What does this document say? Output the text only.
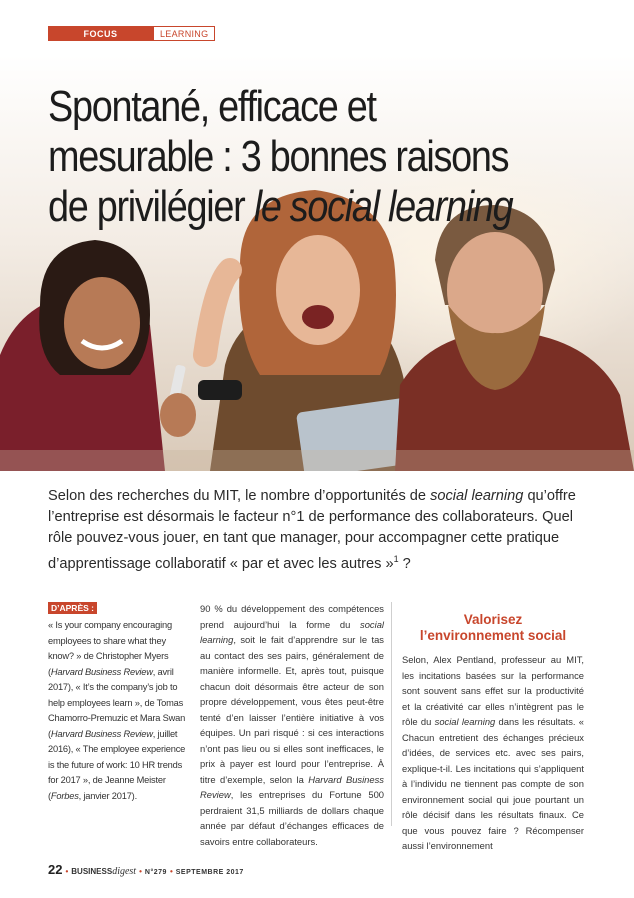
FOCUS	LEARNING
Spontané, efficace et
mesurable : 3 bonnes raisons
de privilégier le social learning
Selon des recherches du MIT, le nombre d’opportunités de social learning qu’offre l’entreprise est désormais le facteur n°1 de performance des collaborateurs. Quel rôle pouvez-vous jouer, en tant que manager, pour accompagner cette pratique d’apprentissage collaboratif « par et avec les autres »$^1$ ?
D’APRÈS :
« Is your company encouraging employees to share what they know? » de Christopher Myers (Harvard Business Review, avril 2017), « It’s the company’s job to help employees learn », de Tomas Chamorro-Premuzic et Mara Swan (Harvard Business Review, juillet 2016), « The employee experience is the future of work: 10 HR trends for 2017 », de Jeanne Meister (Forbes, janvier 2017).
90 % du développement des compétences prend aujourd’hui la forme du social learning, soit le fait d’apprendre sur le tas au contact des ses pairs, généralement de manière informelle. Et, après tout, puisque chacun doit désormais être acteur de son propre développement, vous êtes peut-être tenté d’en laisser l’entière initiative à vos équipes. Un pari risqué : si ces interactions n’ont pas lieu ou si elles sont inefficaces, le prix à payer est lourd pour l’entreprise. À titre d’exemple, selon la Harvard Business Review, les entreprises du Fortune 500 perdraient 31,5 milliards de dollars chaque année par défaut d’échanges efficaces de savoirs entre collaborateurs.
Valorisez
l’environnement social
Selon, Alex Pentland, professeur au MIT, les incitations basées sur la performance sont souvent sans effet sur la productivité et la créativité car elles n’intègrent pas le rôle du social learning dans les résultats. « Chacun entretient des échanges précieux d’idées, de services etc. avec ses pairs, explique-t-il. Les incitations qui s’appliquent à l’individu ne tiennent pas compte de son environnement social qui joue pourtant un rôle décisif dans les résultats finaux. Ce que vous pouvez faire ? Récompenser aussi l’environnement
22 • BUSINESSdigest • N°279 • SEPTEMBRE 2017
